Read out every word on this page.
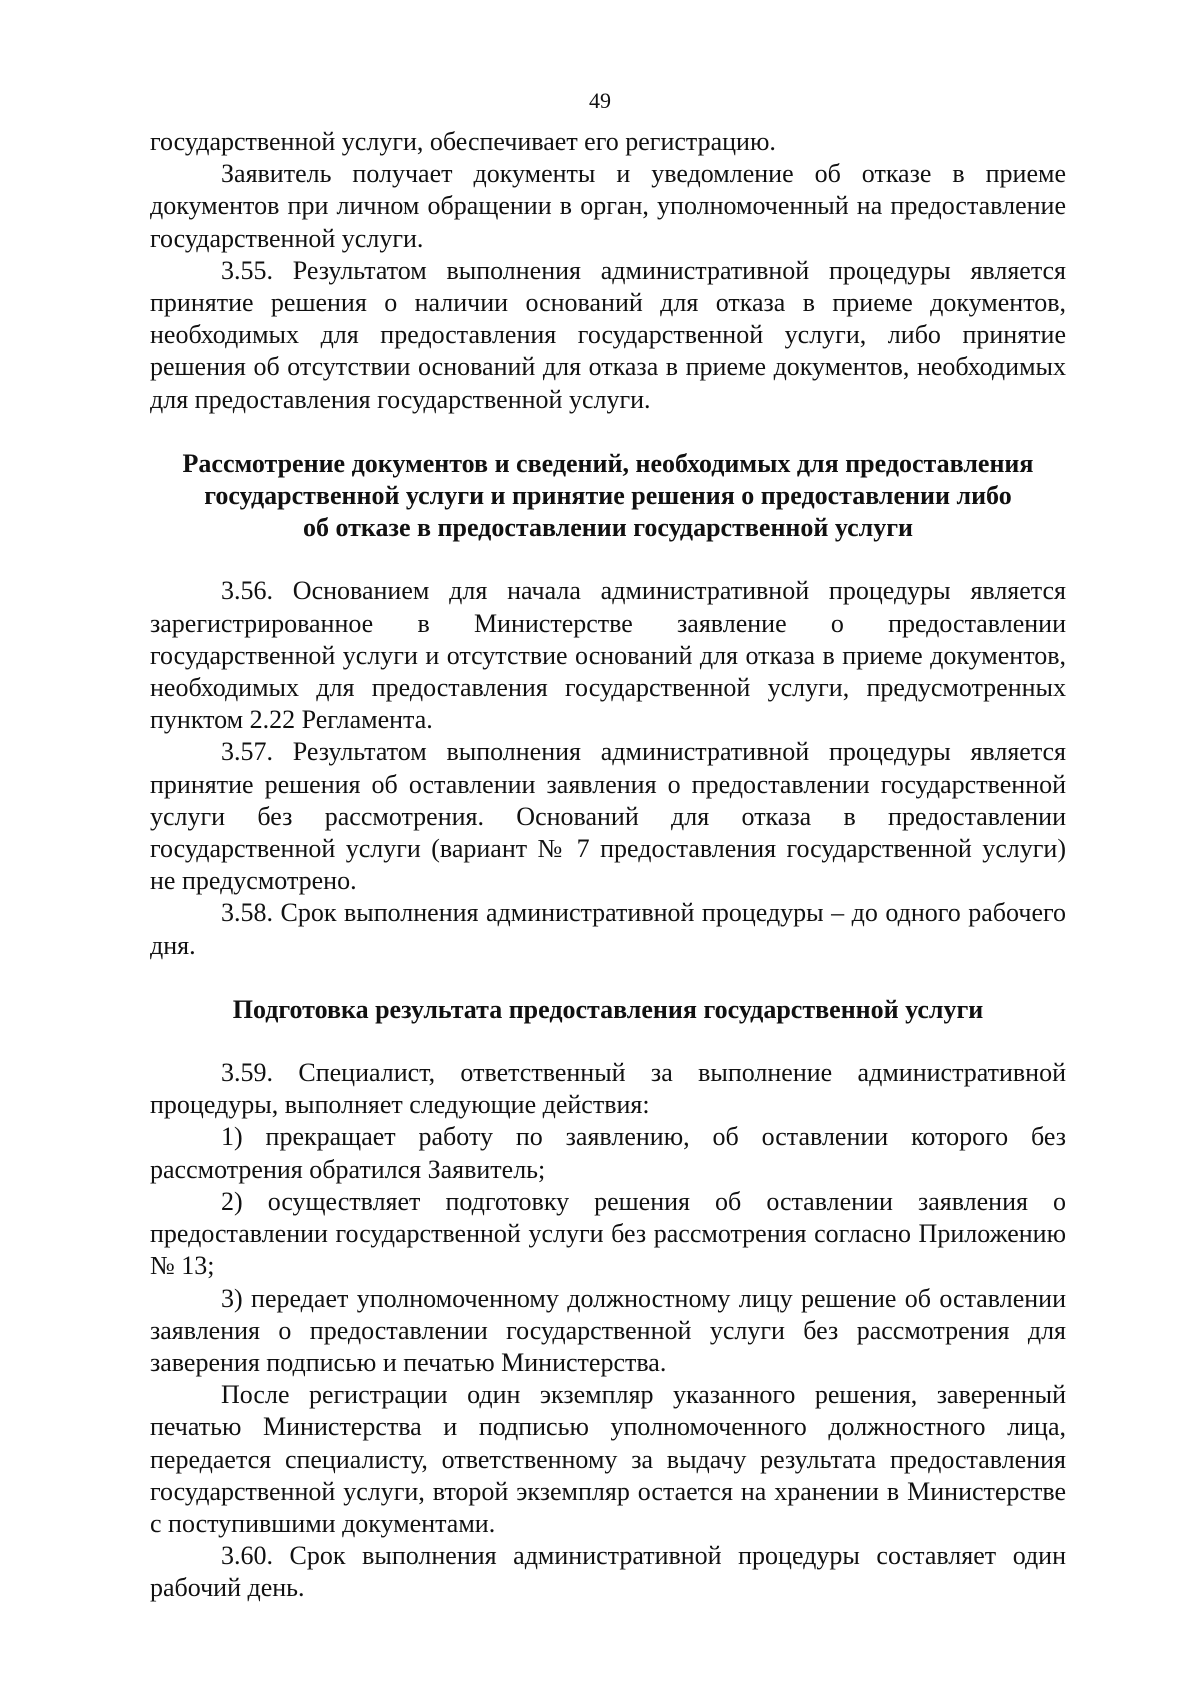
49

государственной услуги, обеспечивает его регистрацию.

Заявитель получает документы и уведомление об отказе в приеме документов при личном обращении в орган, уполномоченный на предоставление государственной услуги.

3.55. Результатом выполнения административной процедуры является принятие решения о наличии оснований для отказа в приеме документов, необходимых для предоставления государственной услуги, либо принятие решения об отсутствии оснований для отказа в приеме документов, необходимых для предоставления государственной услуги.

Рассмотрение документов и сведений, необходимых для предоставления
государственной услуги и принятие решения о предоставлении либо
об отказе в предоставлении государственной услуги

3.56. Основанием для начала административной процедуры является зарегистрированное в Министерстве заявление о предоставлении государственной услуги и отсутствие оснований для отказа в приеме документов, необходимых для предоставления государственной услуги, предусмотренных пунктом 2.22 Регламента.

3.57. Результатом выполнения административной процедуры является принятие решения об оставлении заявления о предоставлении государственной услуги без рассмотрения. Оснований для отказа в предоставлении государственной услуги (вариант № 7 предоставления государственной услуги) не предусмотрено.

3.58. Срок выполнения административной процедуры – до одного рабочего дня.

Подготовка результата предоставления государственной услуги

3.59. Специалист, ответственный за выполнение административной процедуры, выполняет следующие действия:

1) прекращает работу по заявлению, об оставлении которого без рассмотрения обратился Заявитель;

2) осуществляет подготовку решения об оставлении заявления о предоставлении государственной услуги без рассмотрения согласно Приложению № 13;

3) передает уполномоченному должностному лицу решение об оставлении заявления о предоставлении государственной услуги без рассмотрения для заверения подписью и печатью Министерства.

После регистрации один экземпляр указанного решения, заверенный печатью Министерства и подписью уполномоченного должностного лица, передается специалисту, ответственному за выдачу результата предоставления государственной услуги, второй экземпляр остается на хранении в Министерстве с поступившими документами.

3.60. Срок выполнения административной процедуры составляет один рабочий день.
